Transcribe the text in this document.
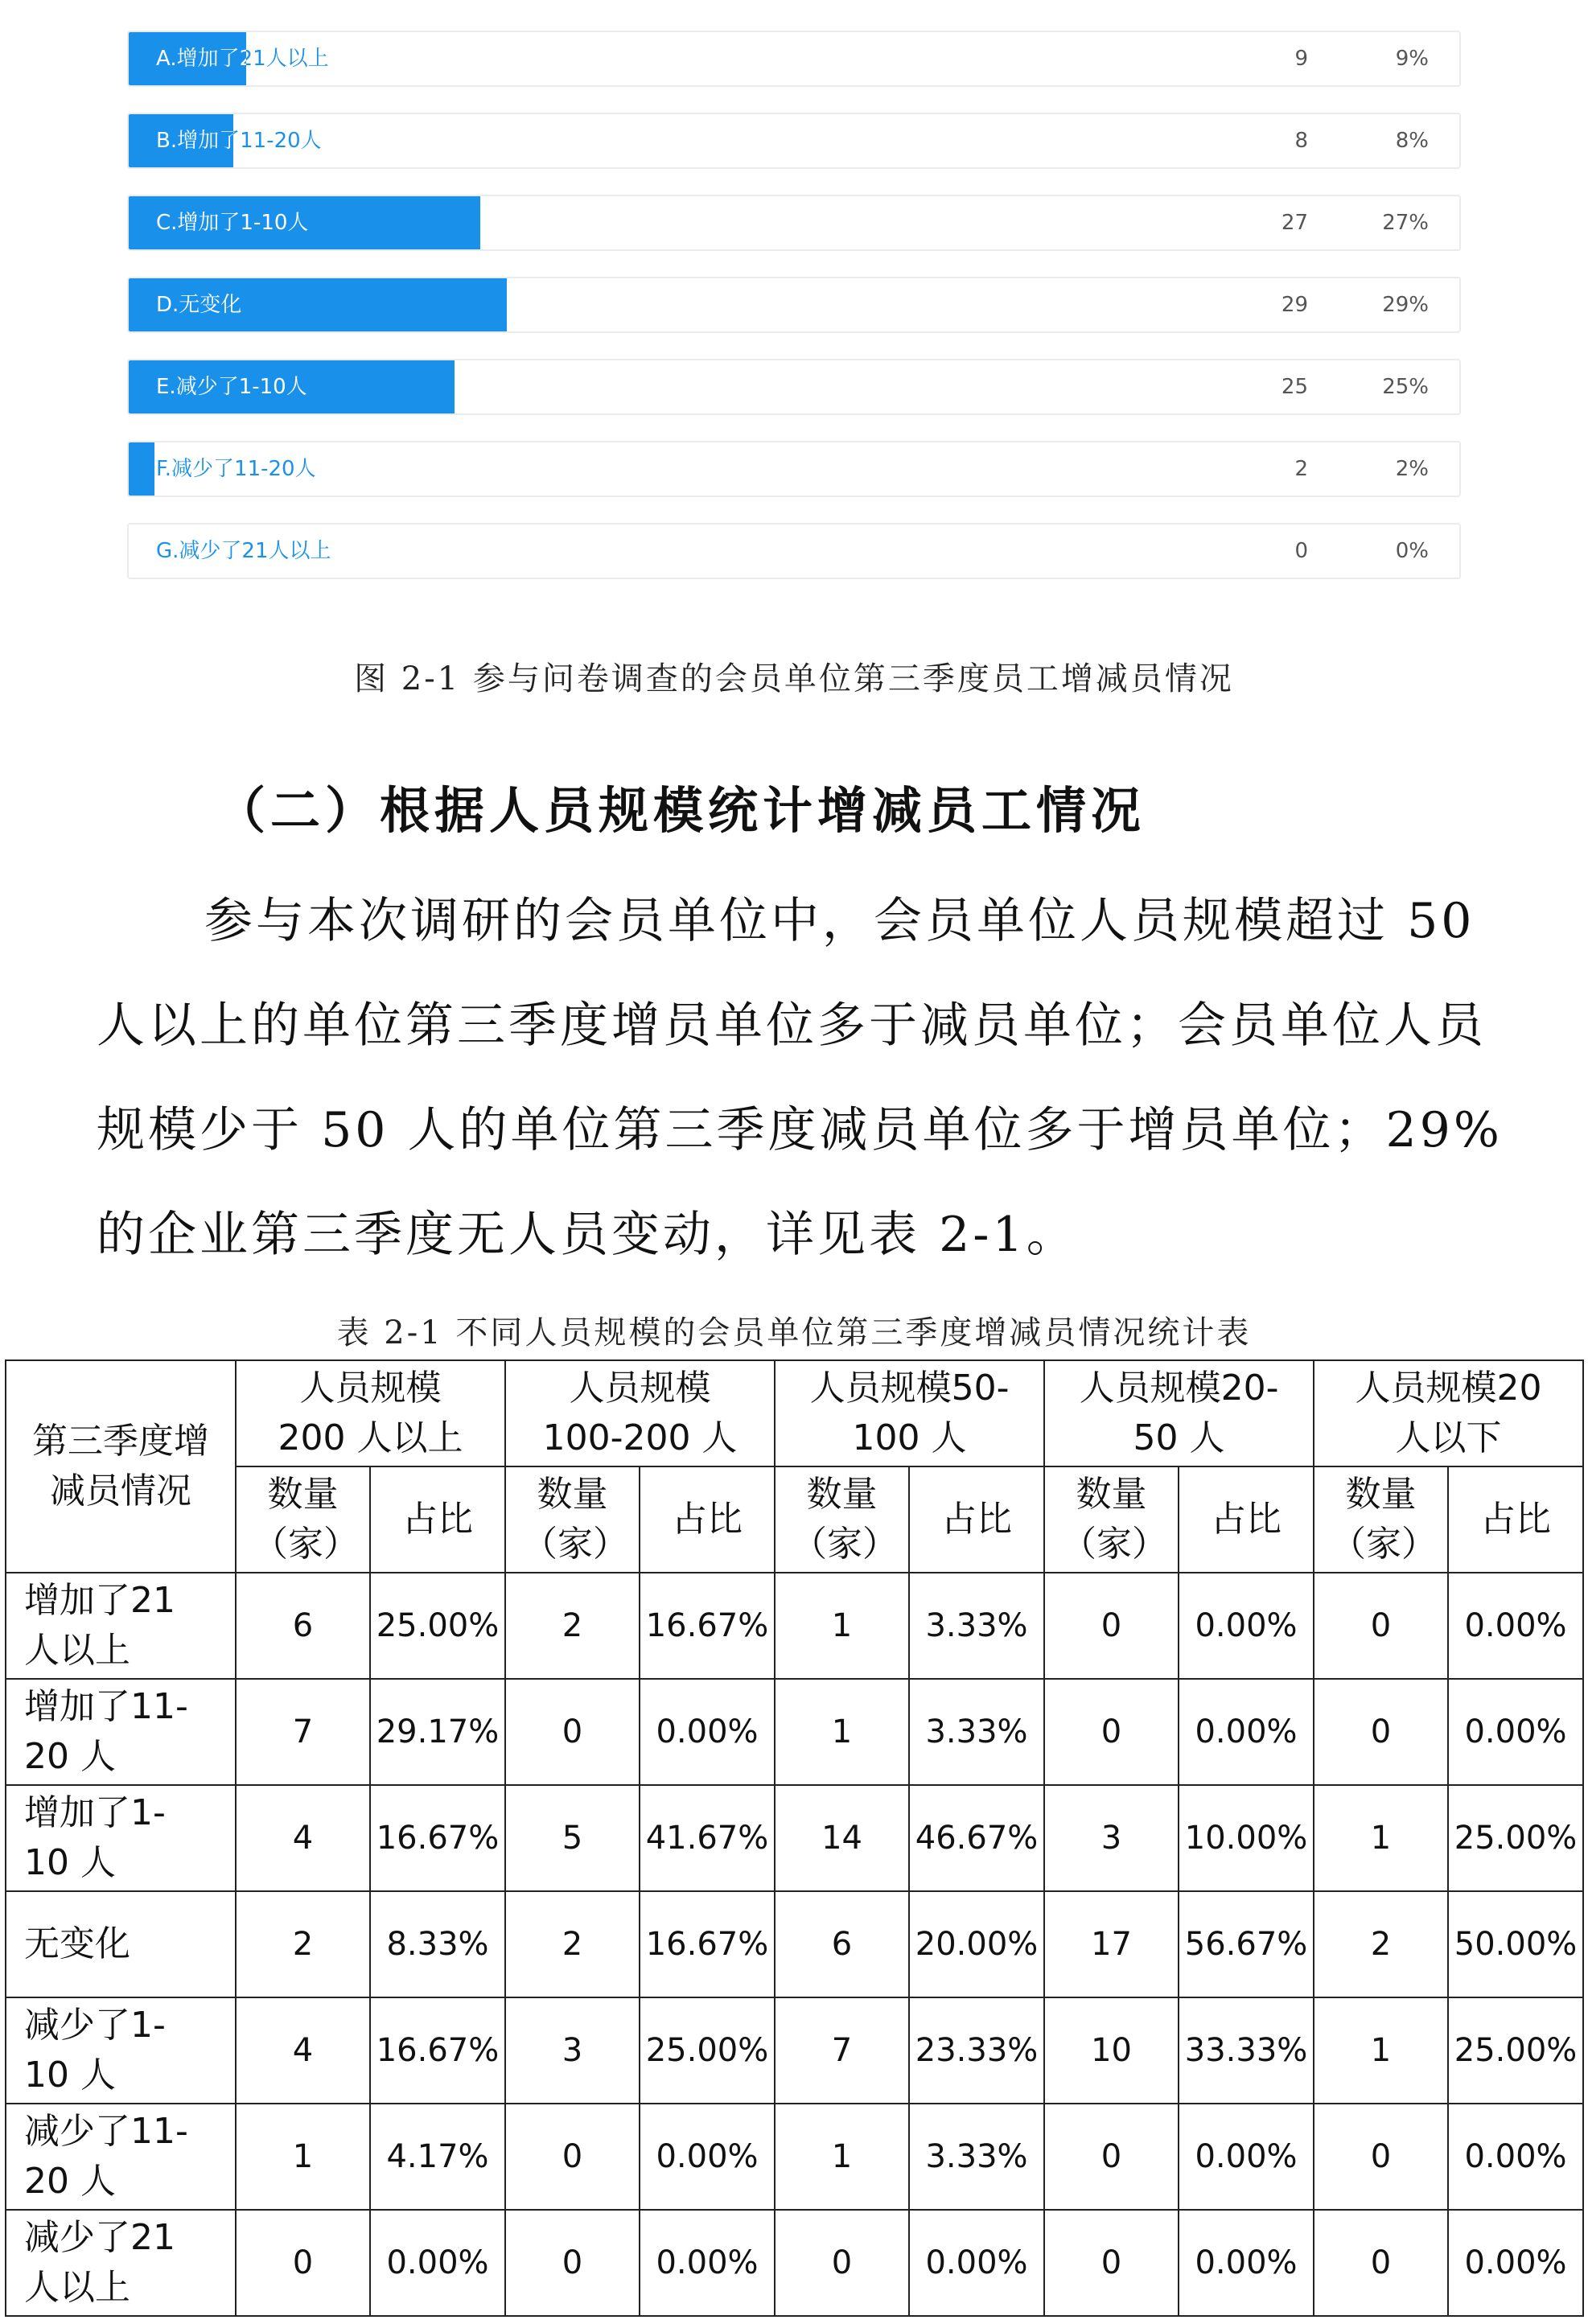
A.增加了21人以上	9	9%
B.增加了11-20人	8	8%
C.增加了1-10人	27	27%
D.无变化	29	29%
E.减少了1-10人	25	25%
F.减少了11-20人	2	2%
G.减少了21人以上	0	0%
图 2-1 参与问卷调查的会员单位第三季度员工增减员情况
（二）根据人员规模统计增减员工情况
参与本次调研的会员单位中，会员单位人员规模超过 50 人以上的单位第三季度增员单位多于减员单位；会员单位人员规模少于 50 人的单位第三季度减员单位多于增员单位；29%的企业第三季度无人员变动，详见表 2-1。
表 2-1 不同人员规模的会员单位第三季度增减员情况统计表
第三季度增减员情况	人员规模200 人以上		人员规模100-200 人		人员规模50-100 人		人员规模20-50 人		人员规模20 人以下	
	数量（家）	占比	数量（家）	占比	数量（家）	占比	数量（家）	占比	数量（家）	占比
增加了21 人以上	6	25.00%	2	16.67%	1	3.33%	0	0.00%	0	0.00%
增加了11-20 人	7	29.17%	0	0.00%	1	3.33%	0	0.00%	0	0.00%
增加了1-10 人	4	16.67%	5	41.67%	14	46.67%	3	10.00%	1	25.00%
无变化	2	8.33%	2	16.67%	6	20.00%	17	56.67%	2	50.00%
减少了1-10 人	4	16.67%	3	25.00%	7	23.33%	10	33.33%	1	25.00%
减少了11-20 人	1	4.17%	0	0.00%	1	3.33%	0	0.00%	0	0.00%
减少了21 人以上	0	0.00%	0	0.00%	0	0.00%	0	0.00%	0	0.00%
